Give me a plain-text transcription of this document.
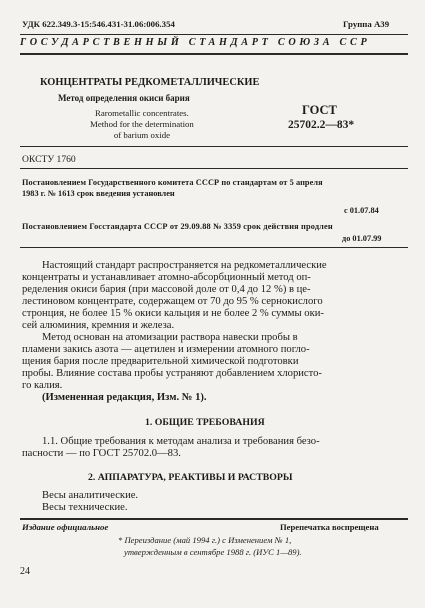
УДК 622.349.3-15:546.431-31.06:006.354	Группа А39
ГОСУДАРСТВЕННЫЙ СТАНДАРТ СОЮЗА ССР
КОНЦЕНТРАТЫ РЕДКОМЕТАЛЛИЧЕСКИЕ
Метод определения окиси бария
Rarometallic concentrates.
Method for the determination
of barium oxide
ГОСТ
25702.2—83*
ОКСТУ 1760
Постановлением Государственного комитета СССР по стандартам от 5 апреля
1983 г. № 1613 срок введения установлен
с 01.07.84
Постановлением Госстандарта СССР от 29.09.88 № 3359 срок действия продлен
до 01.07.99
Настоящий стандарт распространяется на редкометаллические
концентраты и устанавливает атомно-абсорбционный метод оп-
ределения окиси бария (при массовой доле от 0,4 до 12 %) в це-
лестиновом концентрате, содержащем от 70 до 95 % сернокислого
стронция, не более 15 % окиси кальция и не более 2 % суммы оки-
сей алюминия, кремния и железа.
Метод основан на атомизации раствора навески пробы в
пламени закись азота — ацетилен и измерении атомного погло-
щения бария после предварительной химической подготовки
пробы. Влияние состава пробы устраняют добавлением хлористо-
го калия.
(Измененная редакция, Изм. № 1).
1. ОБЩИЕ ТРЕБОВАНИЯ
1.1. Общие требования к методам анализа и требования безо-
пасности — по ГОСТ 25702.0—83.
2. АППАРАТУРА, РЕАКТИВЫ И РАСТВОРЫ
Весы аналитические.
Весы технические.
Издание официальное	Перепечатка воспрещена
* Переиздание (май 1994 г.) с Изменением № 1,
утвержденным в сентябре 1988 г. (ИУС 1—89).
24
